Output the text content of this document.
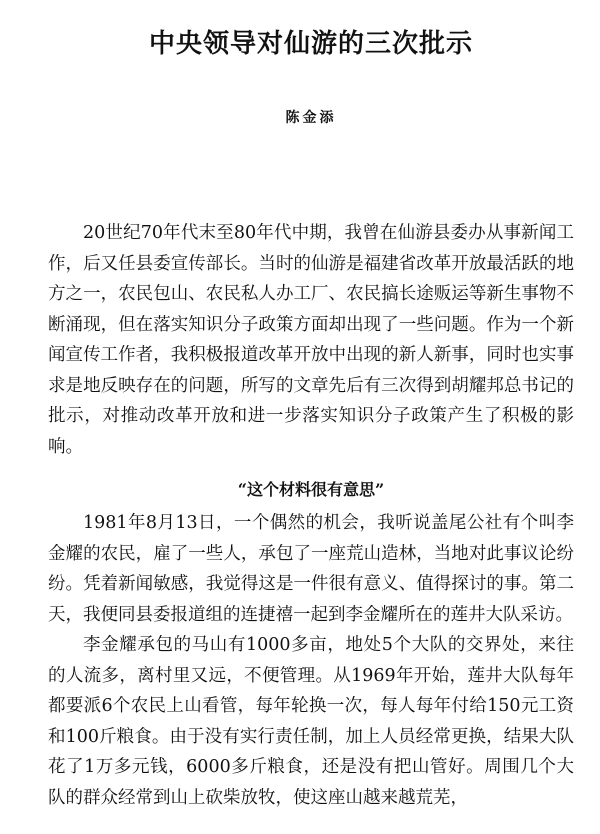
中央领导对仙游的三次批示
陈金添

20世纪70年代末至80年代中期，我曾在仙游县委办从事新闻工作，后又任县委宣传部长。当时的仙游是福建省改革开放最活跃的地方之一，农民包山、农民私人办工厂、农民搞长途贩运等新生事物不断涌现，但在落实知识分子政策方面却出现了一些问题。作为一个新闻宣传工作者，我积极报道改革开放中出现的新人新事，同时也实事求是地反映存在的问题，所写的文章先后有三次得到胡耀邦总书记的批示，对推动改革开放和进一步落实知识分子政策产生了积极的影响。

“这个材料很有意思”

1981年8月13日，一个偶然的机会，我听说盖尾公社有个叫李金耀的农民，雇了一些人，承包了一座荒山造林，当地对此事议论纷纷。凭着新闻敏感，我觉得这是一件很有意义、值得探讨的事。第二天，我便同县委报道组的连捷禧一起到李金耀所在的莲井大队采访。

李金耀承包的马山有1000多亩，地处5个大队的交界处，来往的人流多，离村里又远，不便管理。从1969年开始，莲井大队每年都要派6个农民上山看管，每年轮换一次，每人每年付给150元工资和100斤粮食。由于没有实行责任制，加上人员经常更换，结果大队花了1万多元钱，6000多斤粮食，还是没有把山管好。周围几个大队的群众经常到山上砍柴放牧，使这座山越来越荒芜，
